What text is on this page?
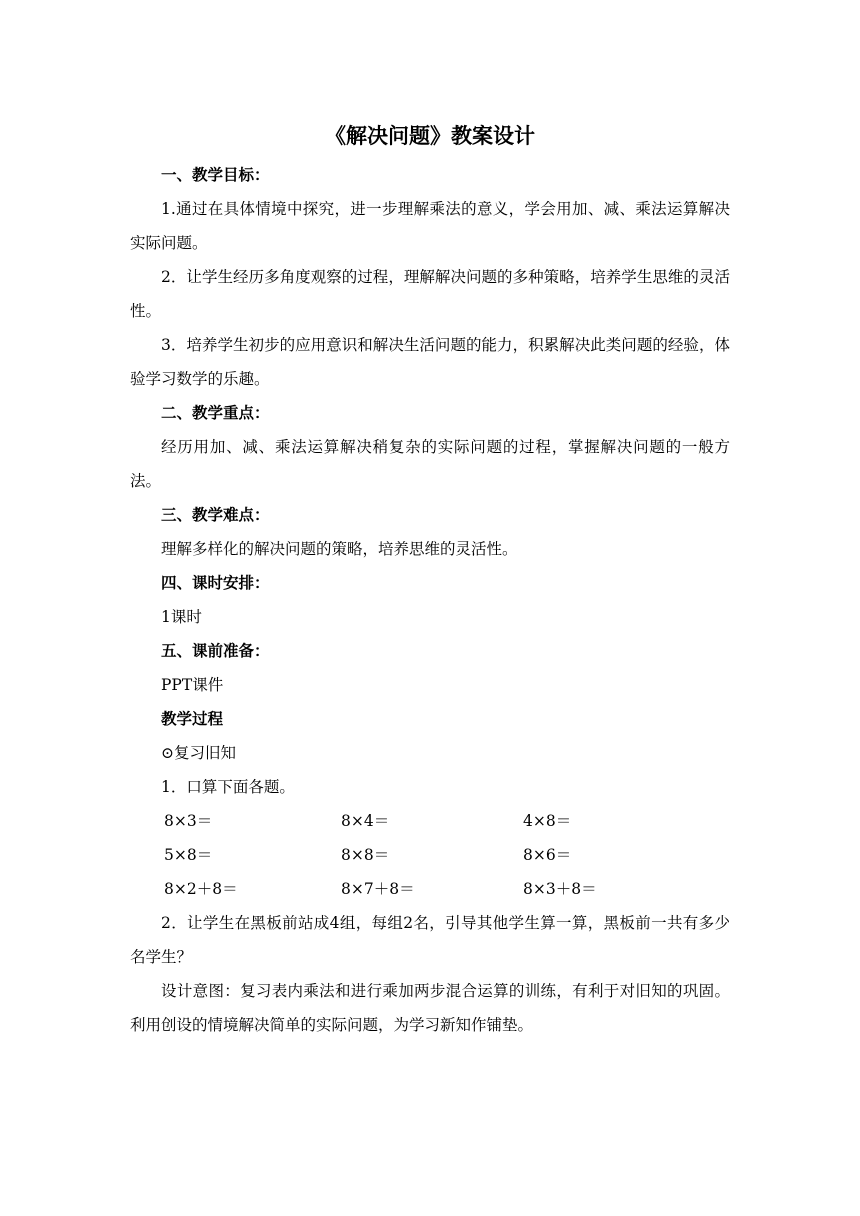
《解决问题》教案设计

一、教学目标：

1.通过在具体情境中探究，进一步理解乘法的意义，学会用加、减、乘法运算解决实际问题。

2．让学生经历多角度观察的过程，理解解决问题的多种策略，培养学生思维的灵活性。

3．培养学生初步的应用意识和解决生活问题的能力，积累解决此类问题的经验，体验学习数学的乐趣。

二、教学重点：

经历用加、减、乘法运算解决稍复杂的实际问题的过程，掌握解决问题的一般方法。

三、教学难点：

理解多样化的解决问题的策略，培养思维的灵活性。

四、课时安排：

1课时

五、课前准备：

PPT课件

教学过程

⊙复习旧知

1．口算下面各题。

8×3＝	8×4＝	4×8＝
5×8＝	8×8＝	8×6＝
8×2＋8＝	8×7＋8＝	8×3＋8＝

2．让学生在黑板前站成4组，每组2名，引导其他学生算一算，黑板前一共有多少名学生？

设计意图：复习表内乘法和进行乘加两步混合运算的训练，有利于对旧知的巩固。利用创设的情境解决简单的实际问题，为学习新知作铺垫。
